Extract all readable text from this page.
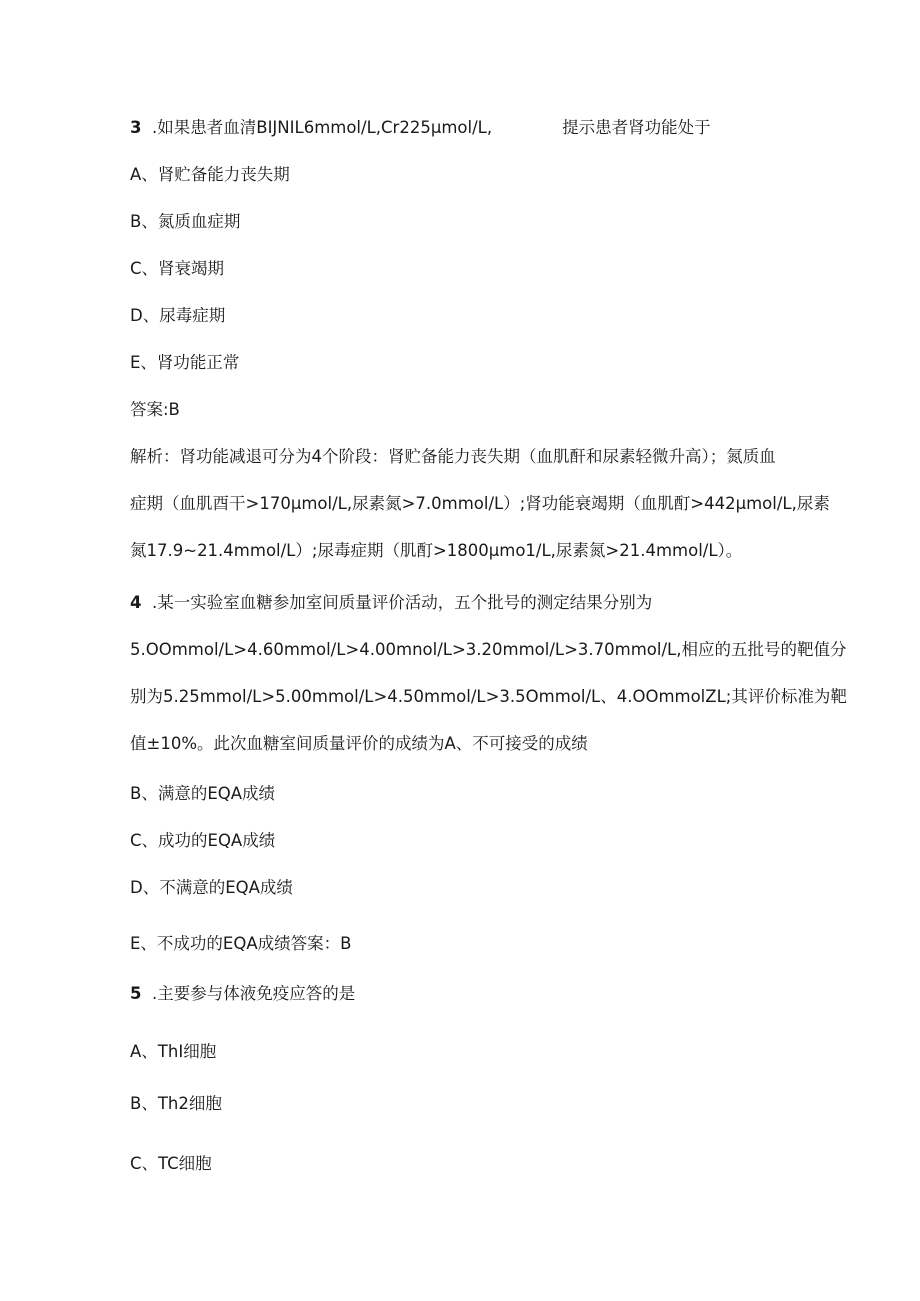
3 .如果患者血清BIJNIL6mmol/L,Cr225μmol/L,	提示患者肾功能处于
A、肾贮备能力丧失期
B、氮质血症期
C、肾衰竭期
D、尿毒症期
E、肾功能正常
答案:B
解析：肾功能减退可分为4个阶段：肾贮备能力丧失期（血肌酐和尿素轻微升高）；氮质血
症期（血肌酉干>170μmol/L,尿素氮>7.0mmol/L）;肾功能衰竭期（血肌酊>442μmol/L,尿素
氮17.9~21.4mmol/L）;尿毒症期（肌酊>1800μmo1/L,尿素氮>21.4mmol/L）。
4 .某一实验室血糖参加室间质量评价活动，五个批号的测定结果分别为
5.OOmmol/L>4.60mmol/L>4.00mnol/L>3.20mmol/L>3.70mmol/L,相应的五批号的靶值分
别为5.25mmol/L>5.00mmol/L>4.50mmol/L>3.5Ommol/L、4.OOmmolZL;其评价标准为靶
值±10%。此次血糖室间质量评价的成绩为A、不可接受的成绩
B、满意的EQA成绩
C、成功的EQA成绩
D、不满意的EQA成绩
E、不成功的EQA成绩答案：B
5 .主要参与体液免疫应答的是
A、ThI细胞
B、Th2细胞
C、TC细胞
